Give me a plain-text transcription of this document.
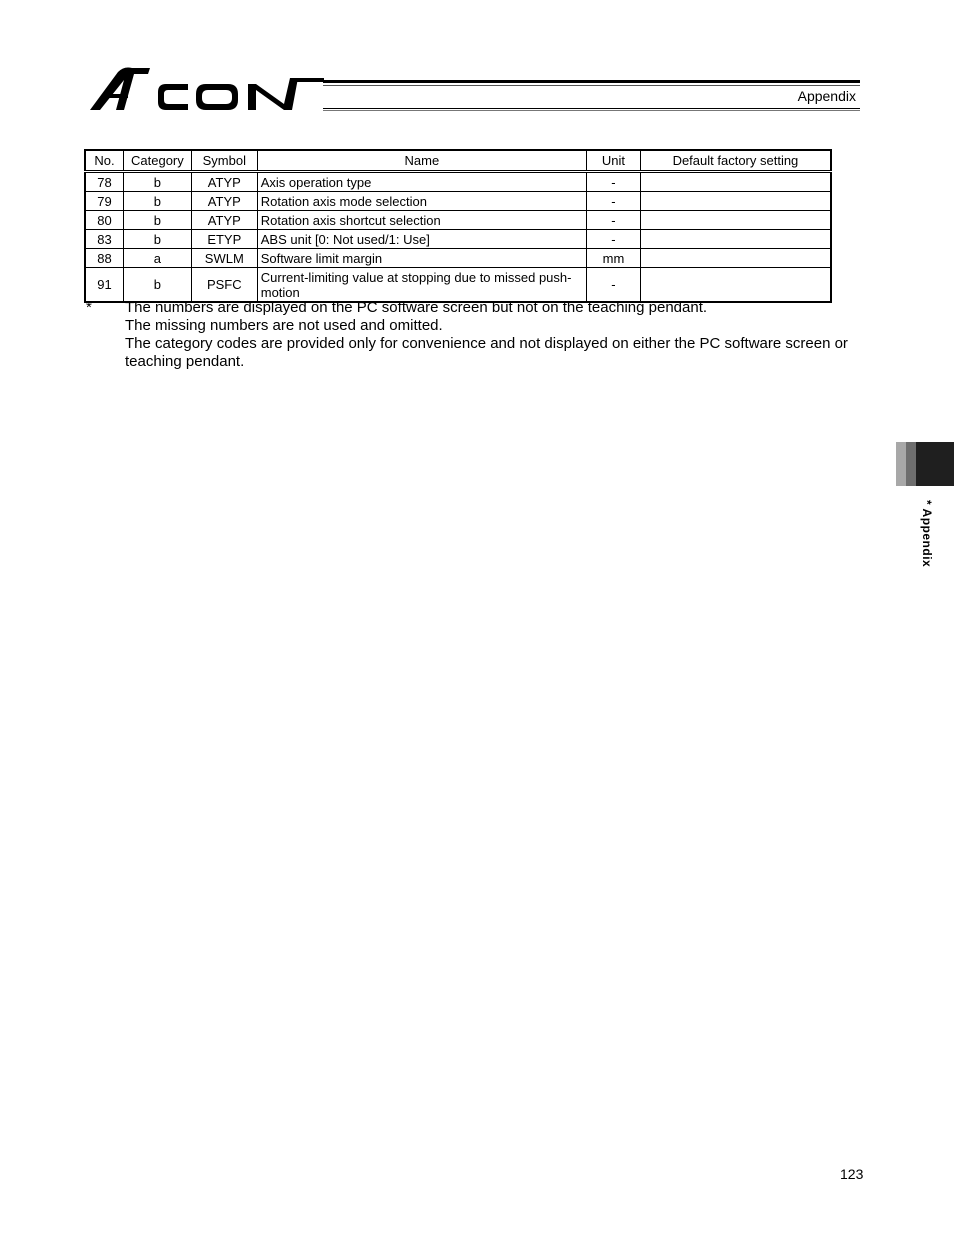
Appendix
No.	Category	Symbol	Name	Unit	Default factory setting
78	b	ATYP	Axis operation type	-	
79	b	ATYP	Rotation axis mode selection	-	
80	b	ATYP	Rotation axis shortcut selection	-	
83	b	ETYP	ABS unit [0: Not used/1: Use]	-	
88	a	SWLM	Software limit margin	mm	
91	b	PSFC	Current-limiting value at stopping due to missed push-motion	-	
* The numbers are displayed on the PC software screen but not on the teaching pendant.
The missing numbers are not used and omitted.
The category codes are provided only for convenience and not displayed on either the PC software screen or teaching pendant.
* Appendix
123
